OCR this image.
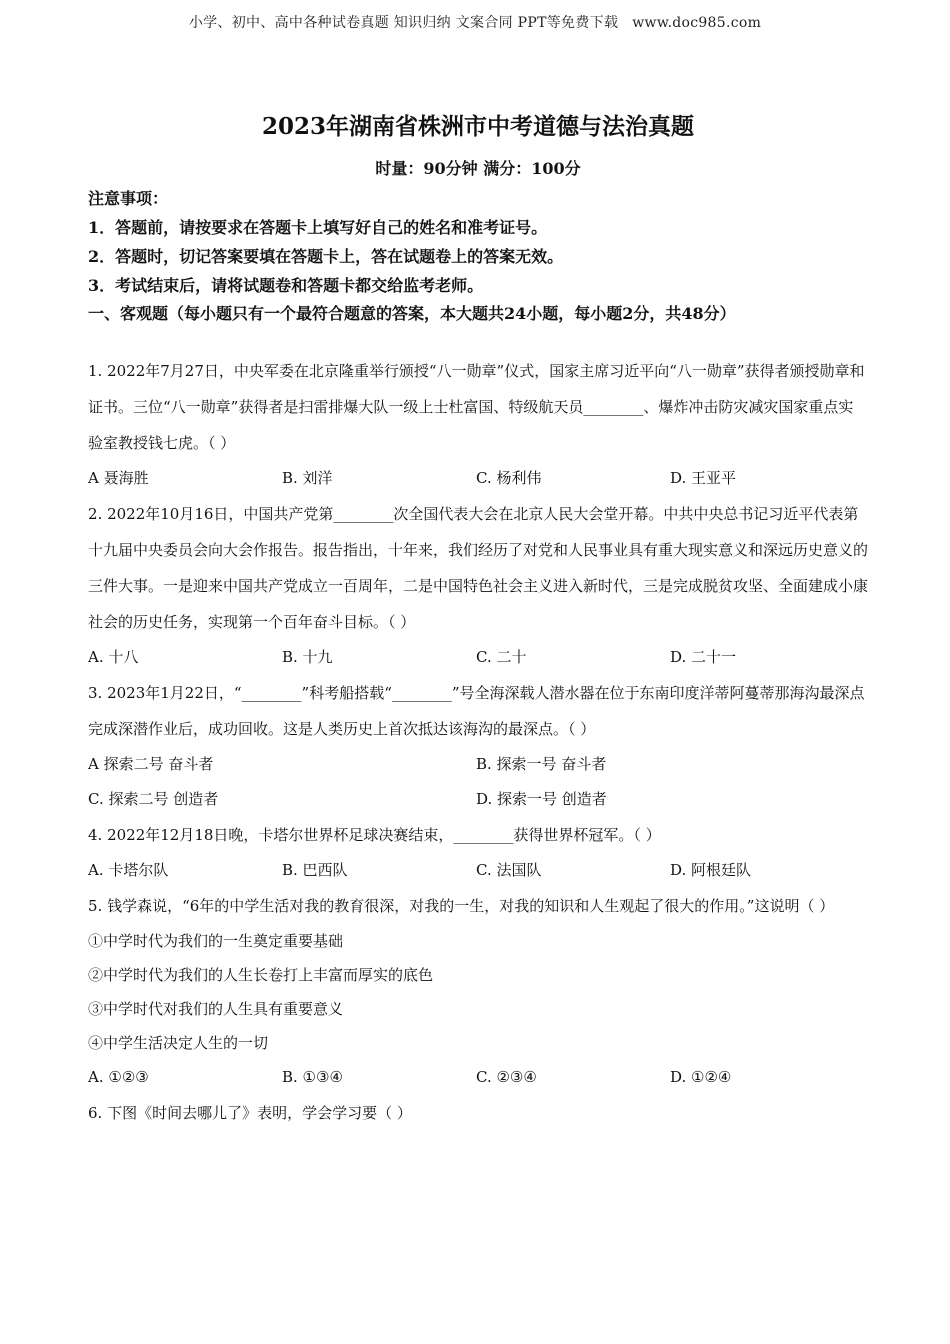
小学、初中、高中各种试卷真题 知识归纳 文案合同 PPT等免费下载 www.doc985.com
2023年湖南省株洲市中考道德与法治真题
时量：90分钟 满分：100分
注意事项：
1．答题前，请按要求在答题卡上填写好自己的姓名和准考证号。
2．答题时，切记答案要填在答题卡上，答在试题卷上的答案无效。
3．考试结束后，请将试题卷和答题卡都交给监考老师。
一、客观题（每小题只有一个最符合题意的答案，本大题共24小题，每小题2分，共48分）

1. 2022年7月27日，中央军委在北京隆重举行颁授“八一勋章”仪式，国家主席习近平向“八一勋章”获得者颁授勋章和证书。三位“八一勋章”获得者是扫雷排爆大队一级上士杜富国、特级航天员________、爆炸冲击防灾减灾国家重点实验室教授钱七虎。（ ）

A 聂海胜	B. 刘洋	C. 杨利伟	D. 王亚平

2. 2022年10月16日，中国共产党第________次全国代表大会在北京人民大会堂开幕。中共中央总书记习近平代表第十九届中央委员会向大会作报告。报告指出，十年来，我们经历了对党和人民事业具有重大现实意义和深远历史意义的三件大事。一是迎来中国共产党成立一百周年，二是中国特色社会主义进入新时代，三是完成脱贫攻坚、全面建成小康社会的历史任务，实现第一个百年奋斗目标。（ ）

A. 十八	B. 十九	C. 二十	D. 二十一

3. 2023年1月22日，“________”科考船搭载“________”号全海深载人潜水器在位于东南印度洋蒂阿蔓蒂那海沟最深点完成深潜作业后，成功回收。这是人类历史上首次抵达该海沟的最深点。（ ）

A 探索二号 奋斗者	B. 探索一号 奋斗者
C. 探索二号 创造者	D. 探索一号 创造者

4. 2022年12月18日晚，卡塔尔世界杯足球决赛结束，________获得世界杯冠军。（ ）

A. 卡塔尔队	B. 巴西队	C. 法国队	D. 阿根廷队

5. 钱学森说，“6年的中学生活对我的教育很深，对我的一生，对我的知识和人生观起了很大的作用。”这说明（ ）

①中学时代为我们的一生奠定重要基础
②中学时代为我们的人生长卷打上丰富而厚实的底色
③中学时代对我们的人生具有重要意义
④中学生活决定人生的一切
A. ①②③	B. ①③④	C. ②③④	D. ①②④

6. 下图《时间去哪儿了》表明，学会学习要（ ）
